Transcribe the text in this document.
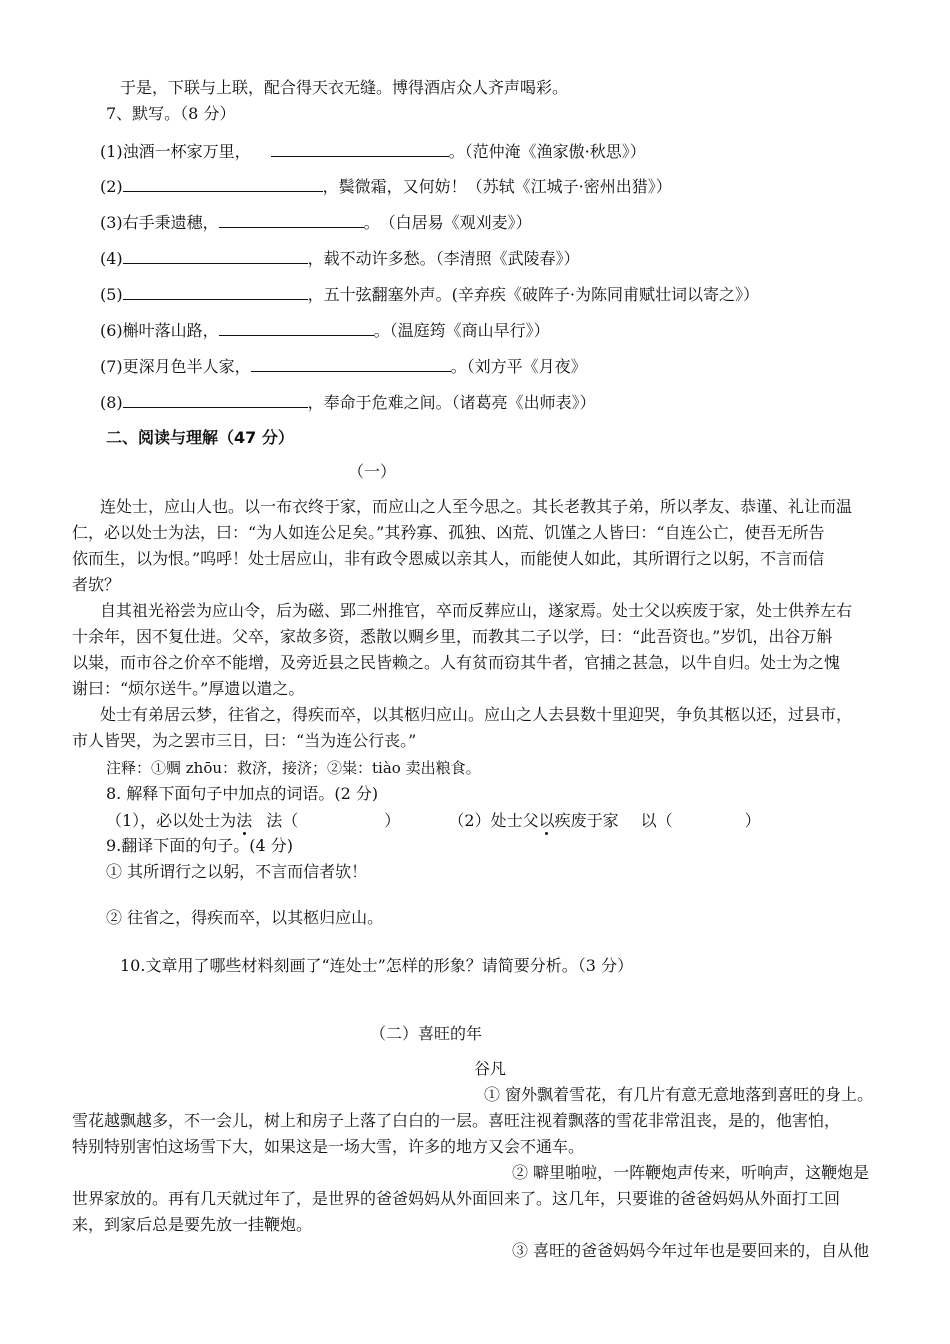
于是，下联与上联，配合得天衣无缝。博得酒店众人齐声喝彩。
7、默写。（8 分）
(1)浊酒一杯家万里，	。（范仲淹《渔家傲·秋思》）
(2)	，鬓微霜，又何妨！（苏轼《江城子·密州出猎》）
(3)右手秉遗穗，	。　（白居易《观刈麦》）
(4)	，载不动许多愁。（李清照《武陵春》）
(5)	，五十弦翻塞外声。(辛弃疾《破阵子·为陈同甫赋壮词以寄之》）
(6)槲叶落山路，	。（温庭筠《商山早行》）
(7)更深月色半人家，	。（刘方平《月夜》
(8)	，奉命于危难之间。（诸葛亮《出师表》）
二、阅读与理解（47 分）
（一）
连处士，应山人也。以一布衣终于家，而应山之人至今思之。其长老教其子弟，所以孝友、恭谨、礼让而温
仁，必以处士为法，曰：“为人如连公足矣。”其矜寡、孤独、凶荒、饥馑之人皆曰：“自连公亡，使吾无所告
依而生，以为恨。”呜呼！处士居应山，非有政令恩威以亲其人，而能使人如此，其所谓行之以躬，不言而信
者欤？
自其祖光裕尝为应山令，后为磁、郢二州推官，卒而反葬应山，遂家焉。处士父以疾废于家，处士供养左右
十余年，因不复仕进。父卒，家故多资，悉散以赒乡里，而教其二子以学，曰：“此吾资也。”岁饥，出谷万斛
以粜，而市谷之价卒不能增，及旁近县之民皆赖之。人有贫而窃其牛者，官捕之甚急，以牛自归。处士为之愧
谢曰：“烦尔送牛。”厚遗以遣之。
处士有弟居云梦，往省之，得疾而卒，以其柩归应山。应山之人去县数十里迎哭，争负其柩以还，过县市，
市人皆哭，为之罢市三日，曰：“当为连公行丧。”
注释：①赒 zhōu：救济，接济；②粜：tiào 卖出粮食。
8. 解释下面句子中加点的词语。(2 分)
（1），必以处士为法 法（	）	（2）处士父以疾废于家 以（	）
9.翻译下面的句子。(4 分)
① 其所谓行之以躬，不言而信者欤！
② 往省之，得疾而卒，以其柩归应山。
10.文章用了哪些材料刻画了“连处士”怎样的形象？请简要分析。（3 分）
（二）喜旺的年
谷凡
① 窗外飘着雪花，有几片有意无意地落到喜旺的身上。
雪花越飘越多，不一会儿，树上和房子上落了白白的一层。喜旺注视着飘落的雪花非常沮丧，是的，他害怕，
特别特别害怕这场雪下大，如果这是一场大雪，许多的地方又会不通车。
② 噼里啪啦，一阵鞭炮声传来，听响声，这鞭炮是
世界家放的。再有几天就过年了，是世界的爸爸妈妈从外面回来了。这几年，只要谁的爸爸妈妈从外面打工回
来，到家后总是要先放一挂鞭炮。
③ 喜旺的爸爸妈妈今年过年也是要回来的，自从他
